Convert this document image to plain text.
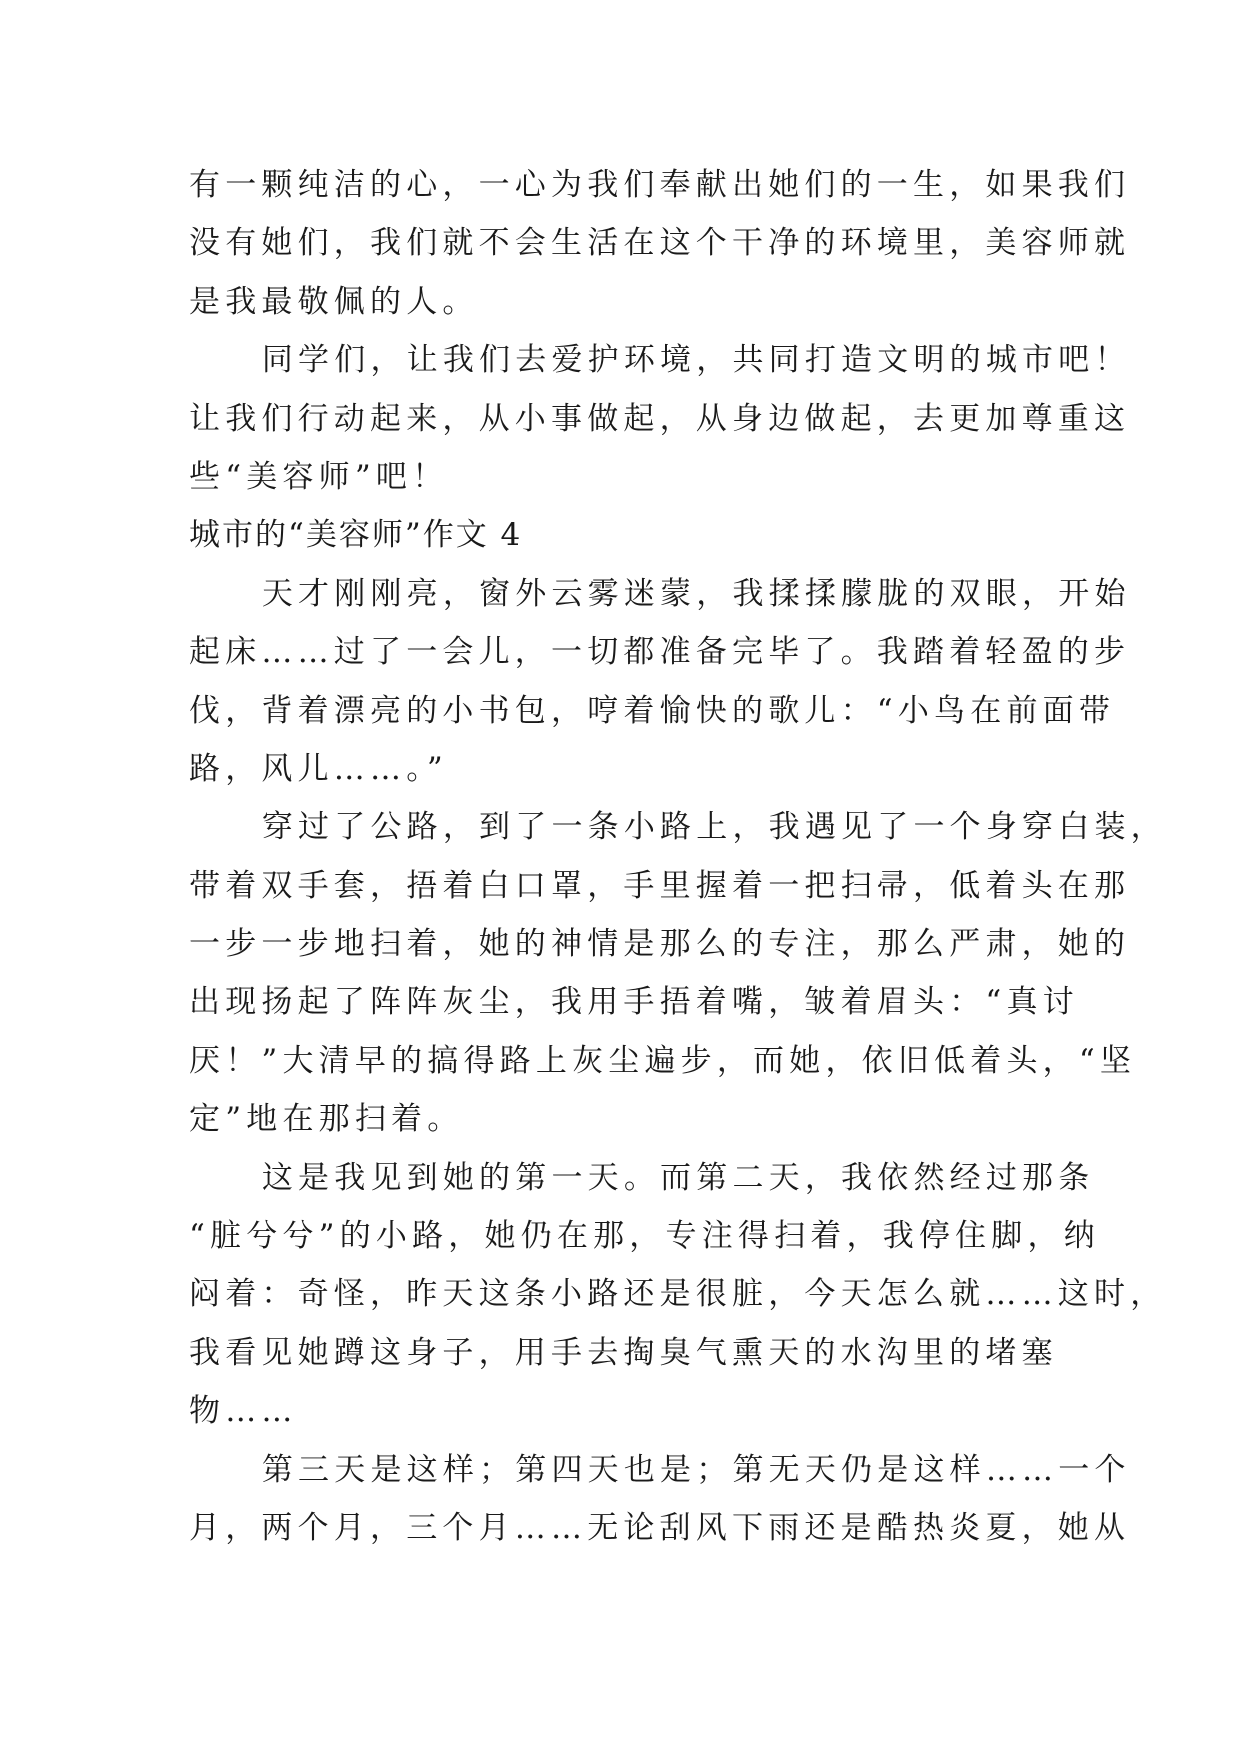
有一颗纯洁的心，一心为我们奉献出她们的一生，如果我们
没有她们，我们就不会生活在这个干净的环境里，美容师就
是我最敬佩的人。
同学们，让我们去爱护环境，共同打造文明的城市吧！
让我们行动起来，从小事做起，从身边做起，去更加尊重这
些“美容师”吧！
城市的“美容师”作文 4
天才刚刚亮，窗外云雾迷蒙，我揉揉朦胧的双眼，开始
起床……过了一会儿，一切都准备完毕了。我踏着轻盈的步
伐，背着漂亮的小书包，哼着愉快的歌儿：“小鸟在前面带
路，风儿……。”
穿过了公路，到了一条小路上，我遇见了一个身穿白装，
带着双手套，捂着白口罩，手里握着一把扫帚，低着头在那
一步一步地扫着，她的神情是那么的专注，那么严肃，她的
出现扬起了阵阵灰尘，我用手捂着嘴，皱着眉头：“真讨
厌！”大清早的搞得路上灰尘遍步，而她，依旧低着头，“坚
定”地在那扫着。
这是我见到她的第一天。而第二天，我依然经过那条
“脏兮兮”的小路，她仍在那，专注得扫着，我停住脚，纳
闷着：奇怪，昨天这条小路还是很脏，今天怎么就……这时，
我看见她蹲这身子，用手去掏臭气熏天的水沟里的堵塞
物……
第三天是这样；第四天也是；第无天仍是这样……一个
月，两个月，三个月……无论刮风下雨还是酷热炎夏，她从
